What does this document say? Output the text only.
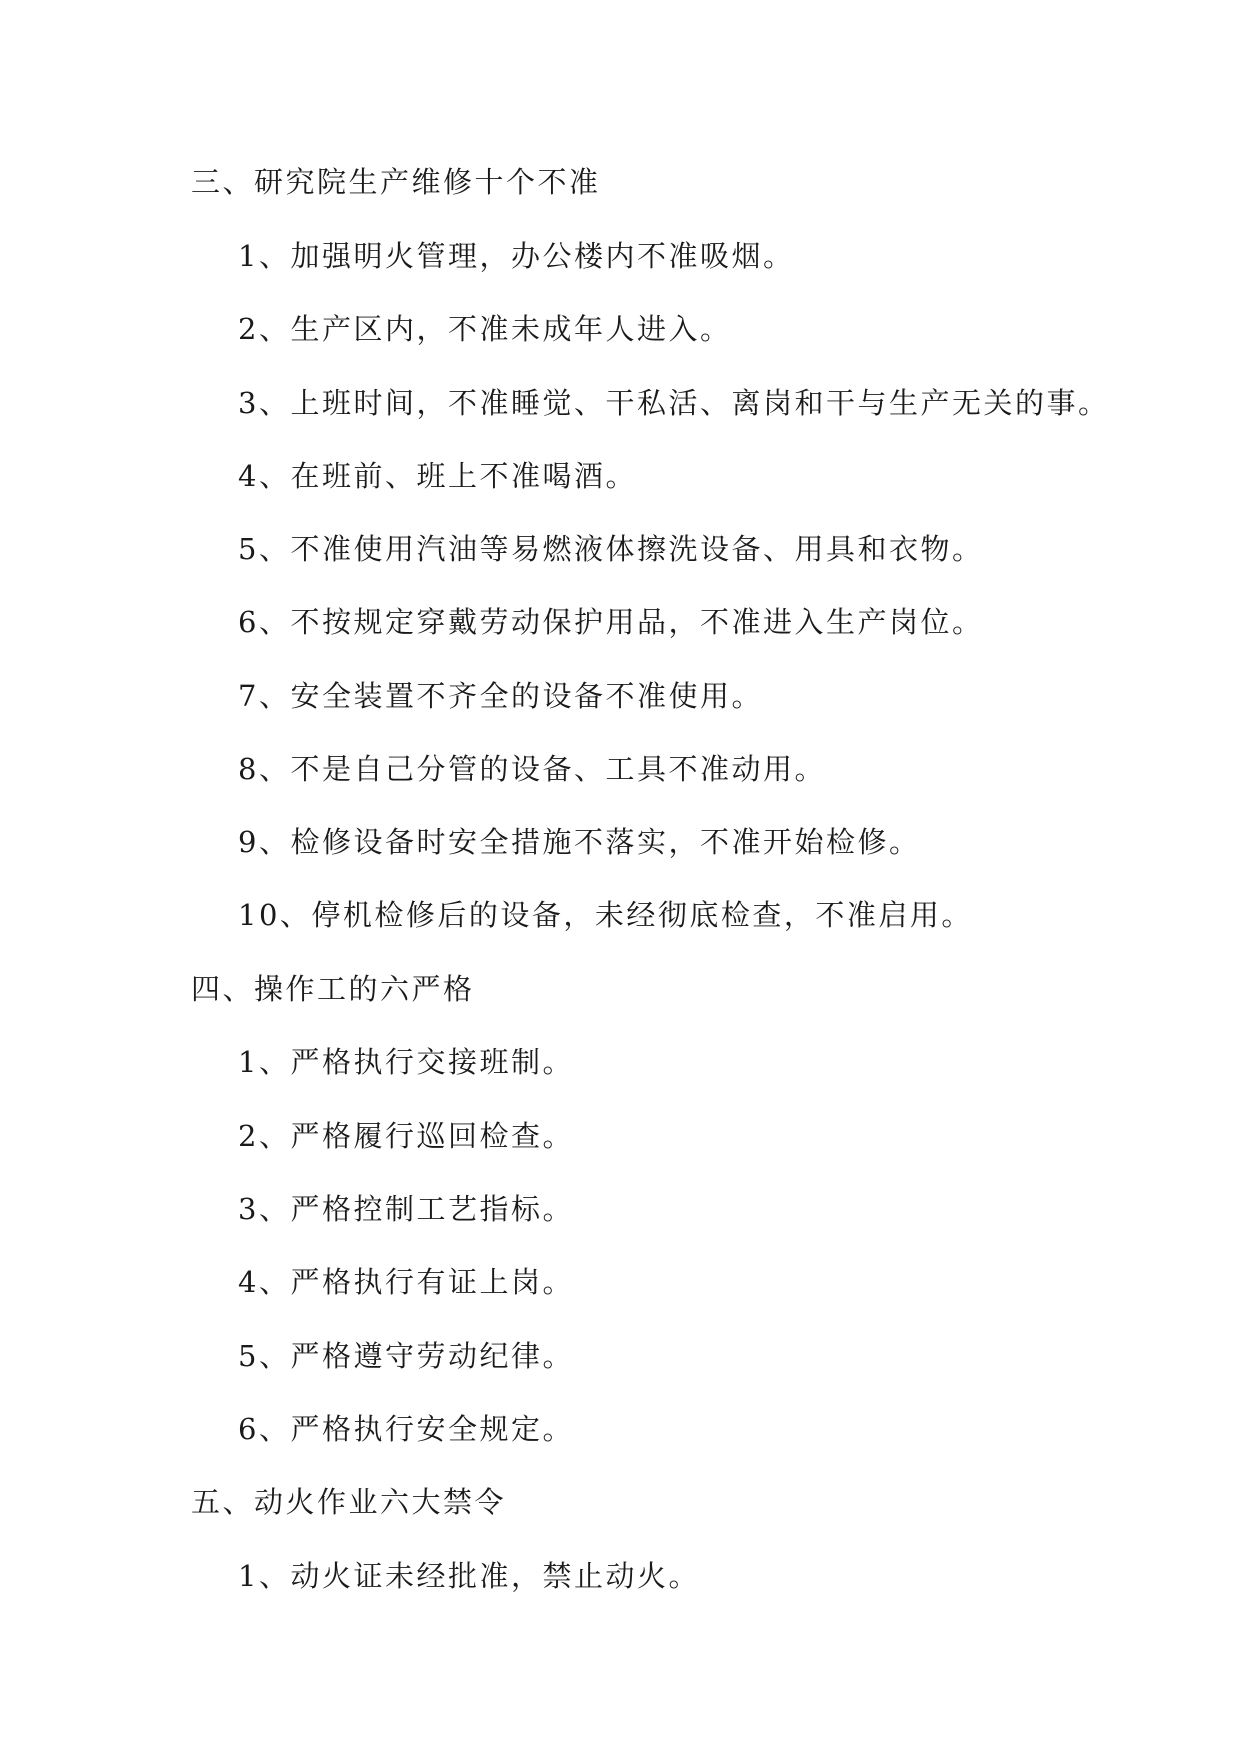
三、研究院生产维修十个不准
1、加强明火管理，办公楼内不准吸烟。
2、生产区内，不准未成年人进入。
3、上班时间，不准睡觉、干私活、离岗和干与生产无关的事。
4、在班前、班上不准喝酒。
5、不准使用汽油等易燃液体擦洗设备、用具和衣物。
6、不按规定穿戴劳动保护用品，不准进入生产岗位。
7、安全装置不齐全的设备不准使用。
8、不是自己分管的设备、工具不准动用。
9、检修设备时安全措施不落实，不准开始检修。
10、停机检修后的设备，未经彻底检查，不准启用。
四、操作工的六严格
1、严格执行交接班制。
2、严格履行巡回检查。
3、严格控制工艺指标。
4、严格执行有证上岗。
5、严格遵守劳动纪律。
6、严格执行安全规定。
五、动火作业六大禁令
1、动火证未经批准，禁止动火。
